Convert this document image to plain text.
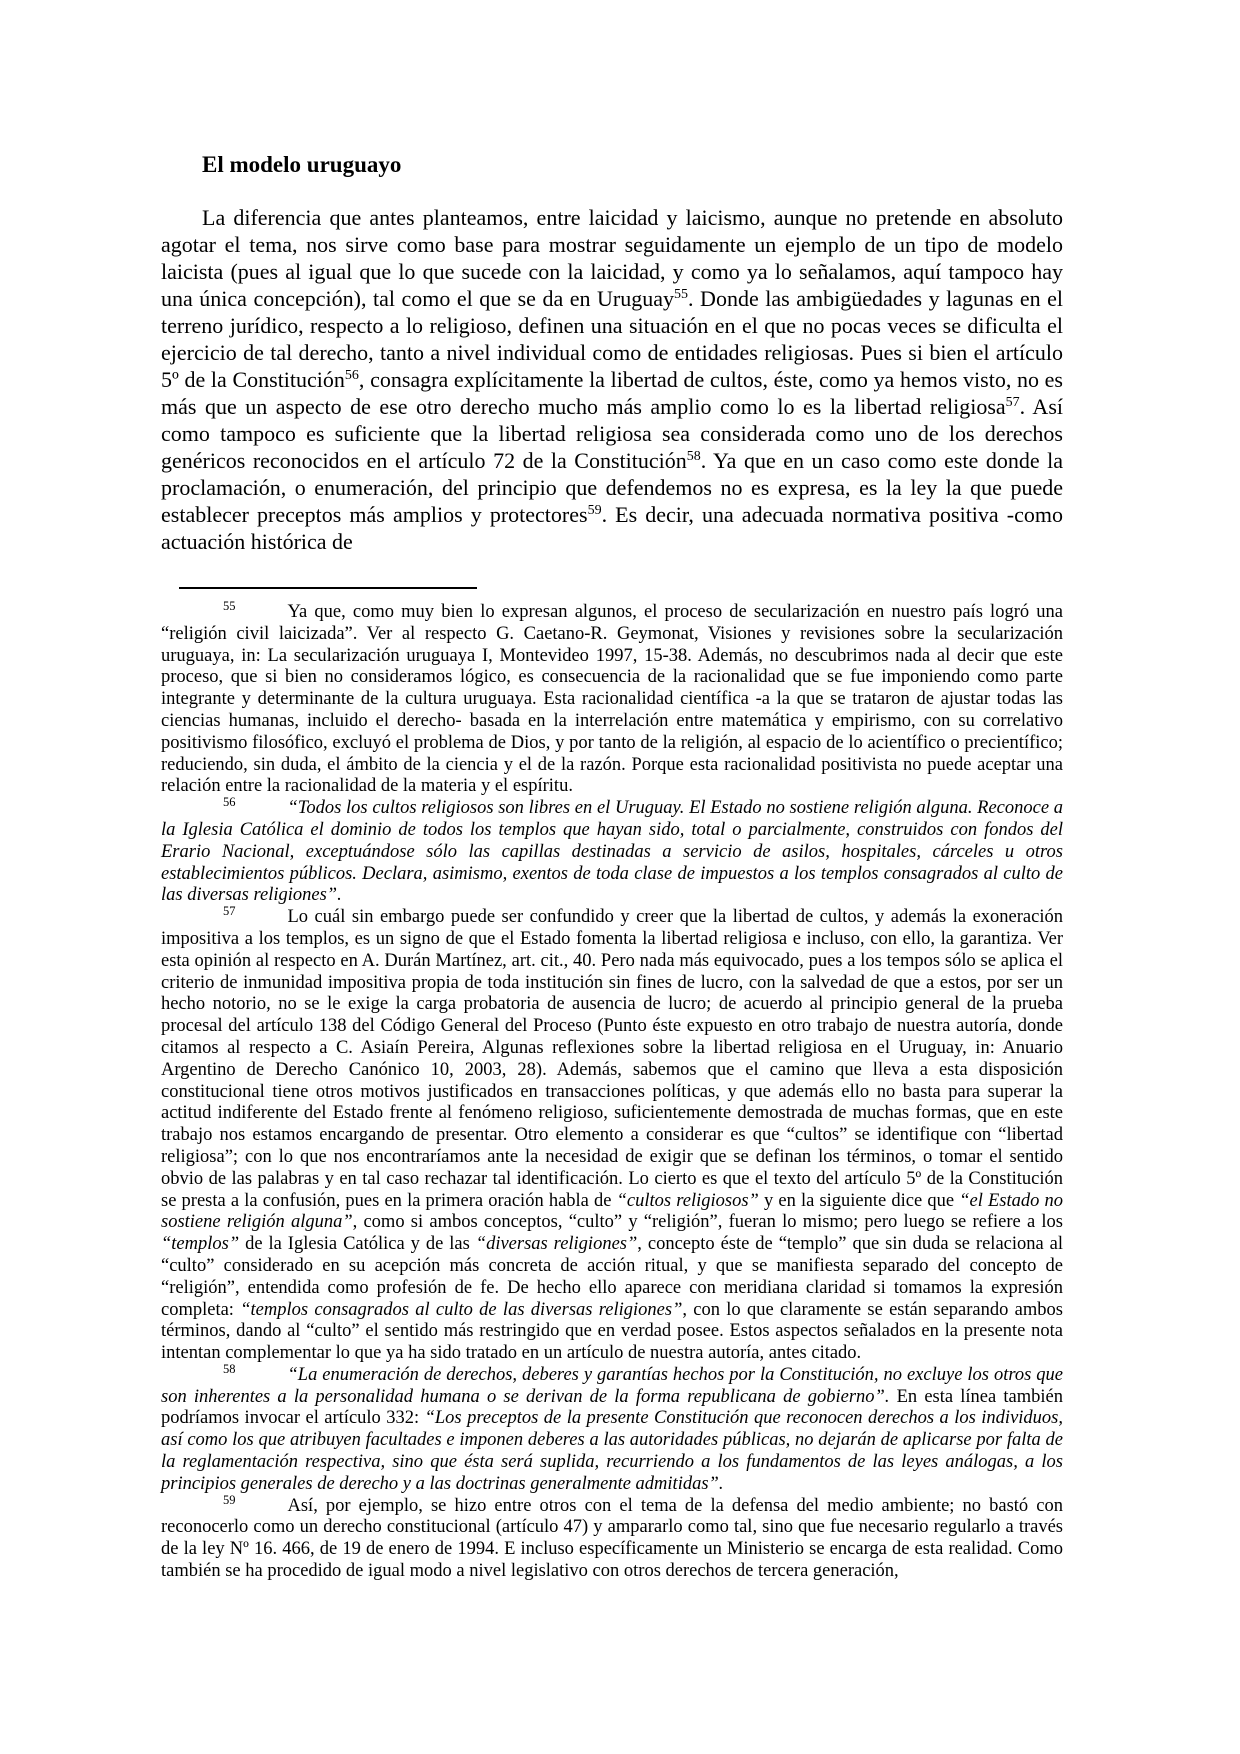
El modelo uruguayo

La diferencia que antes planteamos, entre laicidad y laicismo, aunque no pretende en absoluto agotar el tema, nos sirve como base para mostrar seguidamente un ejemplo de un tipo de modelo laicista (pues al igual que lo que sucede con la laicidad, y como ya lo señalamos, aquí tampoco hay una única concepción), tal como el que se da en Uruguay$^{55}$. Donde las ambigüedades y lagunas en el terreno jurídico, respecto a lo religioso, definen una situación en el que no pocas veces se dificulta el ejercicio de tal derecho, tanto a nivel individual como de entidades religiosas. Pues si bien el artículo 5º de la Constitución$^{56}$, consagra explícitamente la libertad de cultos, éste, como ya hemos visto, no es más que un aspecto de ese otro derecho mucho más amplio como lo es la libertad religiosa$^{57}$. Así como tampoco es suficiente que la libertad religiosa sea considerada como uno de los derechos genéricos reconocidos en el artículo 72 de la Constitución$^{58}$. Ya que en un caso como este donde la proclamación, o enumeración, del principio que defendemos no es expresa, es la ley la que puede establecer preceptos más amplios y protectores$^{59}$. Es decir, una adecuada normativa positiva -como actuación histórica de

$^{55}$	Ya que, como muy bien lo expresan algunos, el proceso de secularización en nuestro país logró una “religión civil laicizada”. Ver al respecto G. Caetano-R. Geymonat, Visiones y revisiones sobre la secularización uruguaya, in: La secularización uruguaya I, Montevideo 1997, 15-38. Además, no descubrimos nada al decir que este proceso, que si bien no consideramos lógico, es consecuencia de la racionalidad que se fue imponiendo como parte integrante y determinante de la cultura uruguaya. Esta racionalidad científica -a la que se trataron de ajustar todas las ciencias humanas, incluido el derecho- basada en la interrelación entre matemática y empirismo, con su correlativo positivismo filosófico, excluyó el problema de Dios, y por tanto de la religión, al espacio de lo acientífico o precientífico; reduciendo, sin duda, el ámbito de la ciencia y el de la razón. Porque esta racionalidad positivista no puede aceptar una relación entre la racionalidad de la materia y el espíritu.

$^{56}$	“Todos los cultos religiosos son libres en el Uruguay. El Estado no sostiene religión alguna. Reconoce a la Iglesia Católica el dominio de todos los templos que hayan sido, total o parcialmente, construidos con fondos del Erario Nacional, exceptuándose sólo las capillas destinadas a servicio de asilos, hospitales, cárceles u otros establecimientos públicos. Declara, asimismo, exentos de toda clase de impuestos a los templos consagrados al culto de las diversas religiones”.

$^{57}$	Lo cuál sin embargo puede ser confundido y creer que la libertad de cultos, y además la exoneración impositiva a los templos, es un signo de que el Estado fomenta la libertad religiosa e incluso, con ello, la garantiza. Ver esta opinión al respecto en A. Durán Martínez, art. cit., 40. Pero nada más equivocado, pues a los tempos sólo se aplica el criterio de inmunidad impositiva propia de toda institución sin fines de lucro, con la salvedad de que a estos, por ser un hecho notorio, no se le exige la carga probatoria de ausencia de lucro; de acuerdo al principio general de la prueba procesal del artículo 138 del Código General del Proceso (Punto éste expuesto en otro trabajo de nuestra autoría, donde citamos al respecto a C. Asiaín Pereira, Algunas reflexiones sobre la libertad religiosa en el Uruguay, in: Anuario Argentino de Derecho Canónico 10, 2003, 28). Además, sabemos que el camino que lleva a esta disposición constitucional tiene otros motivos justificados en transacciones políticas, y que además ello no basta para superar la actitud indiferente del Estado frente al fenómeno religioso, suficientemente demostrada de muchas formas, que en este trabajo nos estamos encargando de presentar. Otro elemento a considerar es que “cultos” se identifique con “libertad religiosa”; con lo que nos encontraríamos ante la necesidad de exigir que se definan los términos, o tomar el sentido obvio de las palabras y en tal caso rechazar tal identificación. Lo cierto es que el texto del artículo 5º de la Constitución se presta a la confusión, pues en la primera oración habla de “cultos religiosos” y en la siguiente dice que “el Estado no sostiene religión alguna”, como si ambos conceptos, “culto” y “religión”, fueran lo mismo; pero luego se refiere a los “templos” de la Iglesia Católica y de las “diversas religiones”, concepto éste de “templo” que sin duda se relaciona al “culto” considerado en su acepción más concreta de acción ritual, y que se manifiesta separado del concepto de “religión”, entendida como profesión de fe. De hecho ello aparece con meridiana claridad si tomamos la expresión completa: “templos consagrados al culto de las diversas religiones”, con lo que claramente se están separando ambos términos, dando al “culto” el sentido más restringido que en verdad posee. Estos aspectos señalados en la presente nota intentan complementar lo que ya ha sido tratado en un artículo de nuestra autoría, antes citado.

$^{58}$	“La enumeración de derechos, deberes y garantías hechos por la Constitución, no excluye los otros que son inherentes a la personalidad humana o se derivan de la forma republicana de gobierno”. En esta línea también podríamos invocar el artículo 332: “Los preceptos de la presente Constitución que reconocen derechos a los individuos, así como los que atribuyen facultades e imponen deberes a las autoridades públicas, no dejarán de aplicarse por falta de la reglamentación respectiva, sino que ésta será suplida, recurriendo a los fundamentos de las leyes análogas, a los principios generales de derecho y a las doctrinas generalmente admitidas”.

$^{59}$	Así, por ejemplo, se hizo entre otros con el tema de la defensa del medio ambiente; no bastó con reconocerlo como un derecho constitucional (artículo 47) y ampararlo como tal, sino que fue necesario regularlo a través de la ley Nº 16. 466, de 19 de enero de 1994. E incluso específicamente un Ministerio se encarga de esta realidad. Como también se ha procedido de igual modo a nivel legislativo con otros derechos de tercera generación,
